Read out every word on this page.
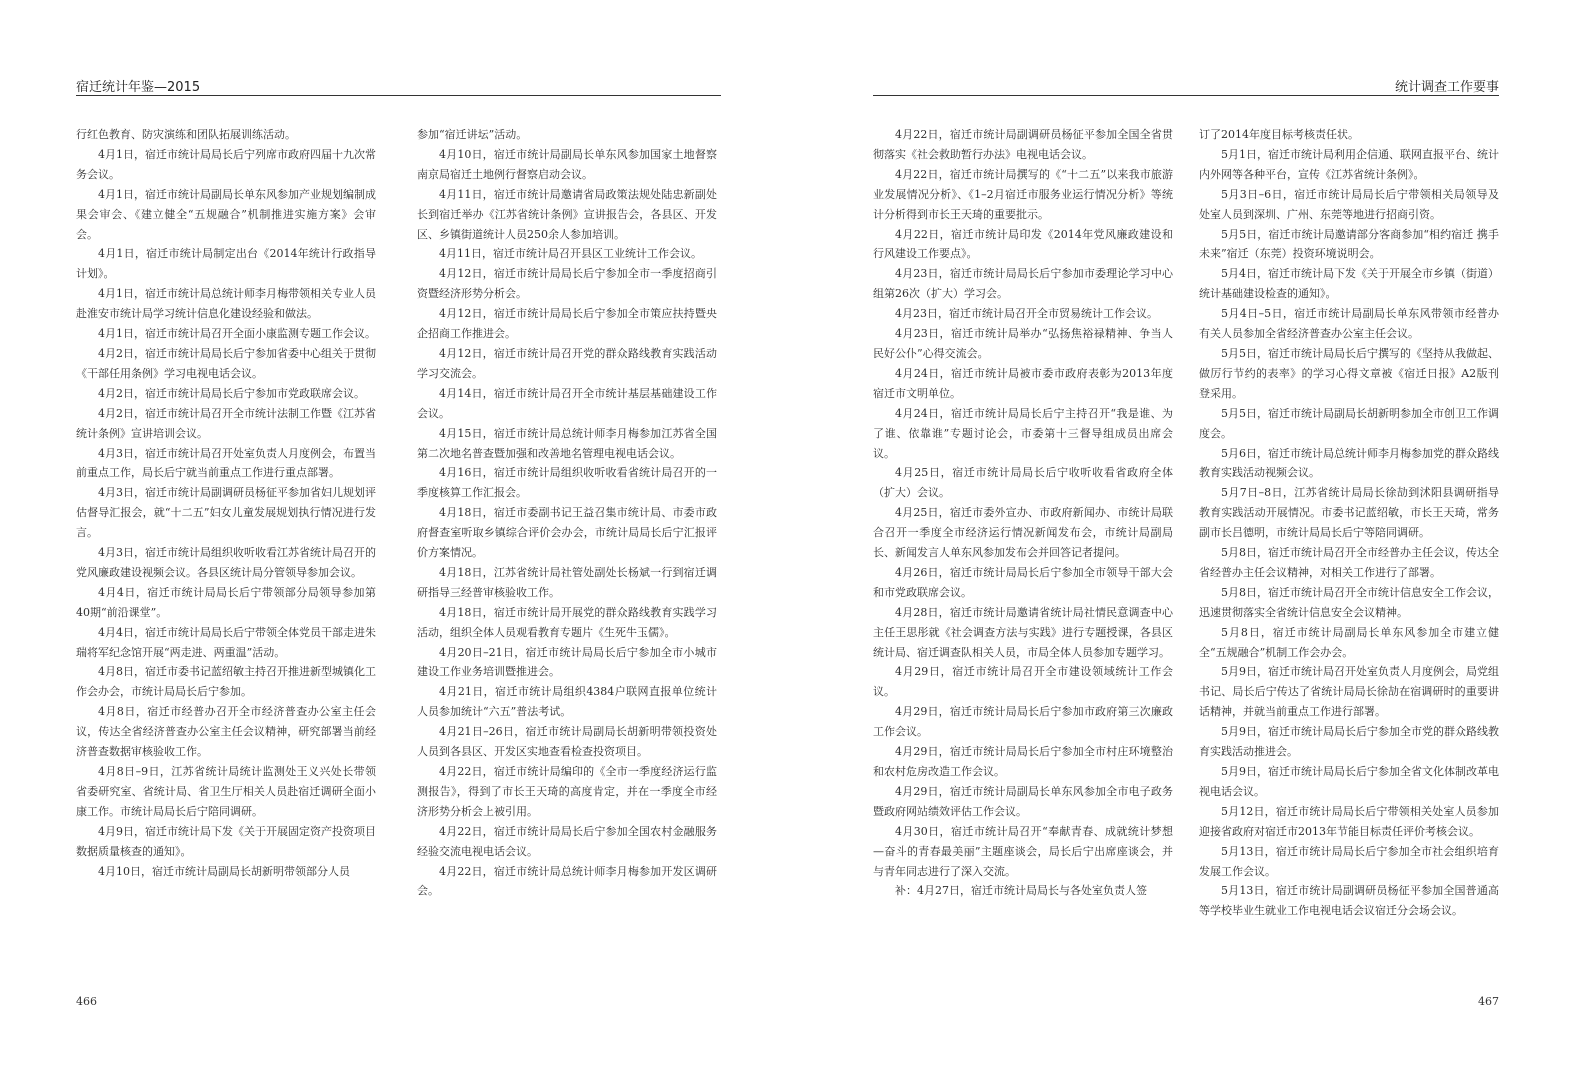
宿迁统计年鉴—2015

行红色教育、防灾演练和团队拓展训练活动。

4月1日，宿迁市统计局局长后宁列席市政府四届十九次常务会议。

4月1日，宿迁市统计局副局长单东风参加产业规划编制成果会审会、《建立健全“五规融合”机制推进实施方案》会审会。

4月1日，宿迁市统计局制定出台《2014年统计行政指导计划》。

4月1日，宿迁市统计局总统计师李月梅带领相关专业人员赴淮安市统计局学习统计信息化建设经验和做法。

4月1日，宿迁市统计局召开全面小康监测专题工作会议。

4月2日，宿迁市统计局局长后宁参加省委中心组关于贯彻《干部任用条例》学习电视电话会议。

4月2日，宿迁市统计局局长后宁参加市党政联席会议。

4月2日，宿迁市统计局召开全市统计法制工作暨《江苏省统计条例》宣讲培训会议。

4月3日，宿迁市统计局召开处室负责人月度例会，布置当前重点工作，局长后宁就当前重点工作进行重点部署。

4月3日，宿迁市统计局副调研员杨征平参加省妇儿规划评估督导汇报会，就“十二五”妇女儿童发展规划执行情况进行发言。

4月3日，宿迁市统计局组织收听收看江苏省统计局召开的党风廉政建设视频会议。各县区统计局分管领导参加会议。

4月4日，宿迁市统计局局长后宁带领部分局领导参加第40期“前沿课堂”。

4月4日，宿迁市统计局局长后宁带领全体党员干部走进朱瑞将军纪念馆开展“两走进、两重温”活动。

4月8日，宿迁市委书记蓝绍敏主持召开推进新型城镇化工作会办会，市统计局局长后宁参加。

4月8日，宿迁市经普办召开全市经济普查办公室主任会议，传达全省经济普查办公室主任会议精神，研究部署当前经济普查数据审核验收工作。

4月8日–9日，江苏省统计局统计监测处王义兴处长带领省委研究室、省统计局、省卫生厅相关人员赴宿迁调研全面小康工作。市统计局局长后宁陪同调研。

4月9日，宿迁市统计局下发《关于开展固定资产投资项目数据质量核查的通知》。

4月10日，宿迁市统计局副局长胡新明带领部分人员

参加“宿迁讲坛”活动。

4月10日，宿迁市统计局副局长单东风参加国家土地督察南京局宿迁土地例行督察启动会议。

4月11日，宿迁市统计局邀请省局政策法规处陆忠新副处长到宿迁举办《江苏省统计条例》宣讲报告会，各县区、开发区、乡镇街道统计人员250余人参加培训。

4月11日，宿迁市统计局召开县区工业统计工作会议。

4月12日，宿迁市统计局局长后宁参加全市一季度招商引资暨经济形势分析会。

4月12日，宿迁市统计局局长后宁参加全市策应扶持暨央企招商工作推进会。

4月12日，宿迁市统计局召开党的群众路线教育实践活动学习交流会。

4月14日，宿迁市统计局召开全市统计基层基础建设工作会议。

4月15日，宿迁市统计局总统计师李月梅参加江苏省全国第二次地名普查暨加强和改善地名管理电视电话会议。

4月16日，宿迁市统计局组织收听收看省统计局召开的一季度核算工作汇报会。

4月18日，宿迁市委副书记王益召集市统计局、市委市政府督查室听取乡镇综合评价会办会，市统计局局长后宁汇报评价方案情况。

4月18日，江苏省统计局社管处副处长杨斌一行到宿迁调研指导三经普审核验收工作。

4月18日，宿迁市统计局开展党的群众路线教育实践学习活动，组织全体人员观看教育专题片《生死牛玉儒》。

4月20日–21日，宿迁市统计局局长后宁参加全市小城市建设工作业务培训暨推进会。

4月21日，宿迁市统计局组织4384户联网直报单位统计人员参加统计“六五”普法考试。

4月21日–26日，宿迁市统计局副局长胡新明带领投资处人员到各县区、开发区实地查看检查投资项目。

4月22日，宿迁市统计局编印的《全市一季度经济运行监测报告》，得到了市长王天琦的高度肯定，并在一季度全市经济形势分析会上被引用。

4月22日，宿迁市统计局局长后宁参加全国农村金融服务经验交流电视电话会议。

4月22日，宿迁市统计局总统计师李月梅参加开发区调研会。

466
统计调查工作要事

4月22日，宿迁市统计局副调研员杨征平参加全国全省贯彻落实《社会救助暂行办法》电视电话会议。

4月22日，宿迁市统计局撰写的《“十二五”以来我市旅游业发展情况分析》、《1–2月宿迁市服务业运行情况分析》等统计分析得到市长王天琦的重要批示。

4月22日，宿迁市统计局印发《2014年党风廉政建设和行风建设工作要点》。

4月23日，宿迁市统计局局长后宁参加市委理论学习中心组第26次（扩大）学习会。

4月23日，宿迁市统计局召开全市贸易统计工作会议。

4月23日，宿迁市统计局举办“弘扬焦裕禄精神、争当人民好公仆”心得交流会。

4月24日，宿迁市统计局被市委市政府表彰为2013年度宿迁市文明单位。

4月24日，宿迁市统计局局长后宁主持召开“我是谁、为了谁、依靠谁”专题讨论会，市委第十三督导组成员出席会议。

4月25日，宿迁市统计局局长后宁收听收看省政府全体（扩大）会议。

4月25日，宿迁市委外宣办、市政府新闻办、市统计局联合召开一季度全市经济运行情况新闻发布会，市统计局副局长、新闻发言人单东风参加发布会并回答记者提问。

4月26日，宿迁市统计局局长后宁参加全市领导干部大会和市党政联席会议。

4月28日，宿迁市统计局邀请省统计局社情民意调查中心主任王思彤就《社会调查方法与实践》进行专题授课，各县区统计局、宿迁调查队相关人员，市局全体人员参加专题学习。

4月29日，宿迁市统计局召开全市建设领域统计工作会议。

4月29日，宿迁市统计局局长后宁参加市政府第三次廉政工作会议。

4月29日，宿迁市统计局局长后宁参加全市村庄环境整治和农村危房改造工作会议。

4月29日，宿迁市统计局副局长单东风参加全市电子政务暨政府网站绩效评估工作会议。

4月30日，宿迁市统计局召开“奉献青春、成就统计梦想—奋斗的青春最美丽”主题座谈会，局长后宁出席座谈会，并与青年同志进行了深入交流。

补：4月27日，宿迁市统计局局长与各处室负责人签

订了2014年度目标考核责任状。

5月1日，宿迁市统计局利用企信通、联网直报平台、统计内外网等各种平台，宣传《江苏省统计条例》。

5月3日–6日，宿迁市统计局局长后宁带领相关局领导及处室人员到深圳、广州、东莞等地进行招商引资。

5月5日，宿迁市统计局邀请部分客商参加“相约宿迁 携手未来”宿迁（东莞）投资环境说明会。

5月4日，宿迁市统计局下发《关于开展全市乡镇（街道）统计基础建设检查的通知》。

5月4日–5日，宿迁市统计局副局长单东风带领市经普办有关人员参加全省经济普查办公室主任会议。

5月5日，宿迁市统计局局长后宁撰写的《坚持从我做起、做厉行节约的表率》的学习心得文章被《宿迁日报》A2版刊登采用。

5月5日，宿迁市统计局副局长胡新明参加全市创卫工作调度会。

5月6日，宿迁市统计局总统计师李月梅参加党的群众路线教育实践活动视频会议。

5月7日–8日，江苏省统计局局长徐劼到沭阳县调研指导教育实践活动开展情况。市委书记蓝绍敏，市长王天琦，常务副市长吕德明，市统计局局长后宁等陪同调研。

5月8日，宿迁市统计局召开全市经普办主任会议，传达全省经普办主任会议精神，对相关工作进行了部署。

5月8日，宿迁市统计局召开全市统计信息安全工作会议，迅速贯彻落实全省统计信息安全会议精神。

5月8日，宿迁市统计局副局长单东风参加全市建立健全“五规融合”机制工作会办会。

5月9日，宿迁市统计局召开处室负责人月度例会，局党组书记、局长后宁传达了省统计局局长徐劼在宿调研时的重要讲话精神，并就当前重点工作进行部署。

5月9日，宿迁市统计局局长后宁参加全市党的群众路线教育实践活动推进会。

5月9日，宿迁市统计局局长后宁参加全省文化体制改革电视电话会议。

5月12日，宿迁市统计局局长后宁带领相关处室人员参加迎接省政府对宿迁市2013年节能目标责任评价考核会议。

5月13日，宿迁市统计局局长后宁参加全市社会组织培育发展工作会议。

5月13日，宿迁市统计局副调研员杨征平参加全国普通高等学校毕业生就业工作电视电话会议宿迁分会场会议。

467
